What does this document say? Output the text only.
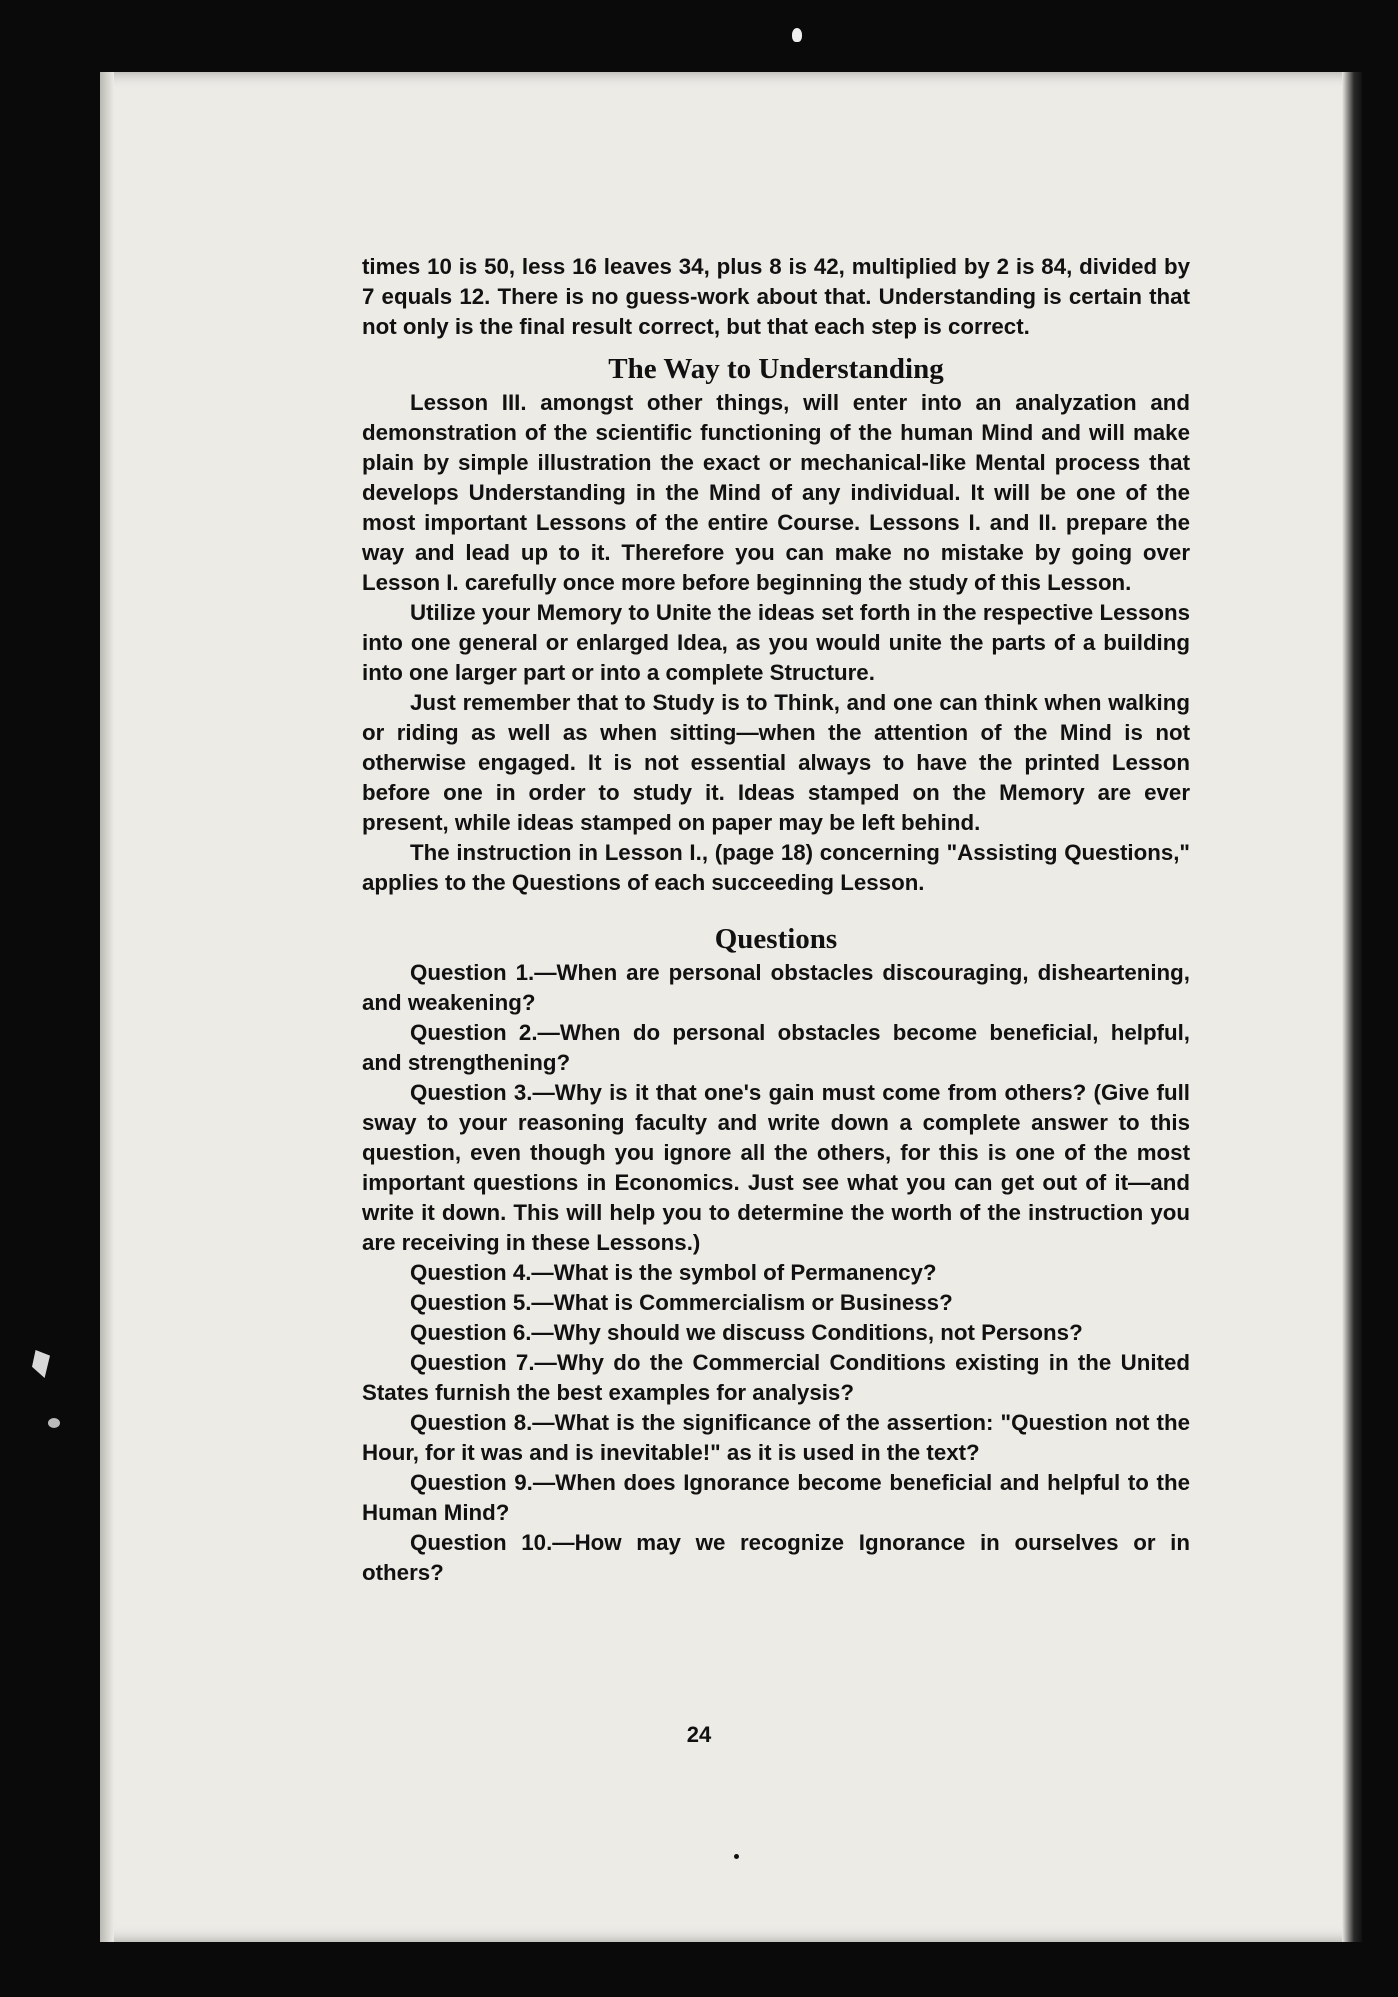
times 10 is 50, less 16 leaves 34, plus 8 is 42, multiplied by 2 is 84, divided by 7 equals 12. There is no guess-work about that. Understanding is certain that not only is the final result correct, but that each step is correct.

The Way to Understanding

Lesson III. amongst other things, will enter into an analyzation and demonstration of the scientific functioning of the human Mind and will make plain by simple illustration the exact or mechanical-like Mental process that develops Understanding in the Mind of any individual. It will be one of the most important Lessons of the entire Course. Lessons I. and II. prepare the way and lead up to it. Therefore you can make no mistake by going over Lesson I. carefully once more before beginning the study of this Lesson.

Utilize your Memory to Unite the ideas set forth in the respective Lessons into one general or enlarged Idea, as you would unite the parts of a building into one larger part or into a complete Structure.

Just remember that to Study is to Think, and one can think when walking or riding as well as when sitting—when the attention of the Mind is not otherwise engaged. It is not essential always to have the printed Lesson before one in order to study it. Ideas stamped on the Memory are ever present, while ideas stamped on paper may be left behind.

The instruction in Lesson I., (page 18) concerning "Assisting Questions," applies to the Questions of each succeeding Lesson.

Questions

Question 1.—When are personal obstacles discouraging, disheartening, and weakening?

Question 2.—When do personal obstacles become beneficial, helpful, and strengthening?

Question 3.—Why is it that one's gain must come from others? (Give full sway to your reasoning faculty and write down a complete answer to this question, even though you ignore all the others, for this is one of the most important questions in Economics. Just see what you can get out of it—and write it down. This will help you to determine the worth of the instruction you are receiving in these Lessons.)

Question 4.—What is the symbol of Permanency?

Question 5.—What is Commercialism or Business?

Question 6.—Why should we discuss Conditions, not Persons?

Question 7.—Why do the Commercial Conditions existing in the United States furnish the best examples for analysis?

Question 8.—What is the significance of the assertion: "Question not the Hour, for it was and is inevitable!" as it is used in the text?

Question 9.—When does Ignorance become beneficial and helpful to the Human Mind?

Question 10.—How may we recognize Ignorance in ourselves or in others?

24
